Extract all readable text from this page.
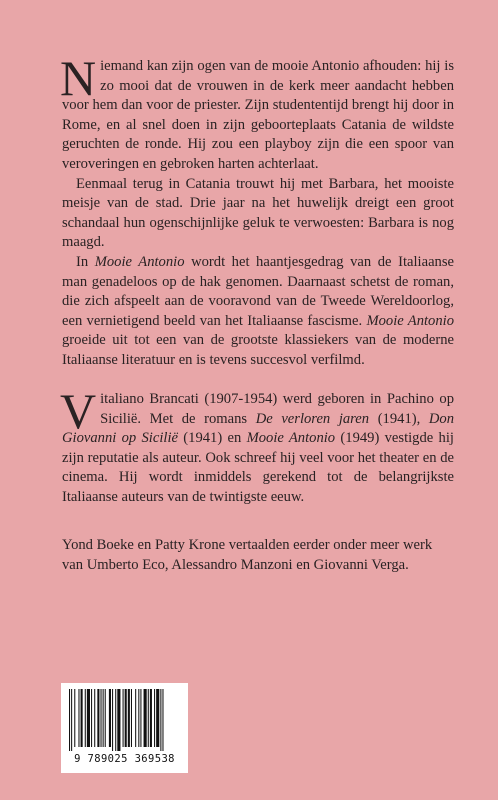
Niemand kan zijn ogen van de mooie Antonio afhouden: hij is zo mooi dat de vrouwen in de kerk meer aandacht hebben voor hem dan voor de priester. Zijn studententijd brengt hij door in Rome, en al snel doen in zijn geboorteplaats Catania de wildste geruchten de ronde. Hij zou een playboy zijn die een spoor van veroveringen en gebroken harten achterlaat.

Eenmaal terug in Catania trouwt hij met Barbara, het mooiste meisje van de stad. Drie jaar na het huwelijk dreigt een groot schandaal hun ogenschijnlijke geluk te verwoesten: Barbara is nog maagd.

In Mooie Antonio wordt het haantjesgedrag van de Italiaanse man genadeloos op de hak genomen. Daarnaast schetst de roman, die zich afspeelt aan de vooravond van de Tweede Wereldoorlog, een vernietigend beeld van het Italiaanse fascisme. Mooie Antonio groeide uit tot een van de grootste klassiekers van de moderne Italiaanse literatuur en is tevens succesvol verfilmd.

Vitaliano Brancati (1907-1954) werd geboren in Pachino op Sicilië. Met de romans De verloren jaren (1941), Don Giovanni op Sicilië (1941) en Mooie Antonio (1949) vestigde hij zijn reputatie als auteur. Ook schreef hij veel voor het theater en de cinema. Hij wordt inmiddels gerekend tot de belangrijkste Italiaanse auteurs van de twintigste eeuw.

Yond Boeke en Patty Krone vertaalden eerder onder meer werk van Umberto Eco, Alessandro Manzoni en Giovanni Verga.

9 789025 369538
